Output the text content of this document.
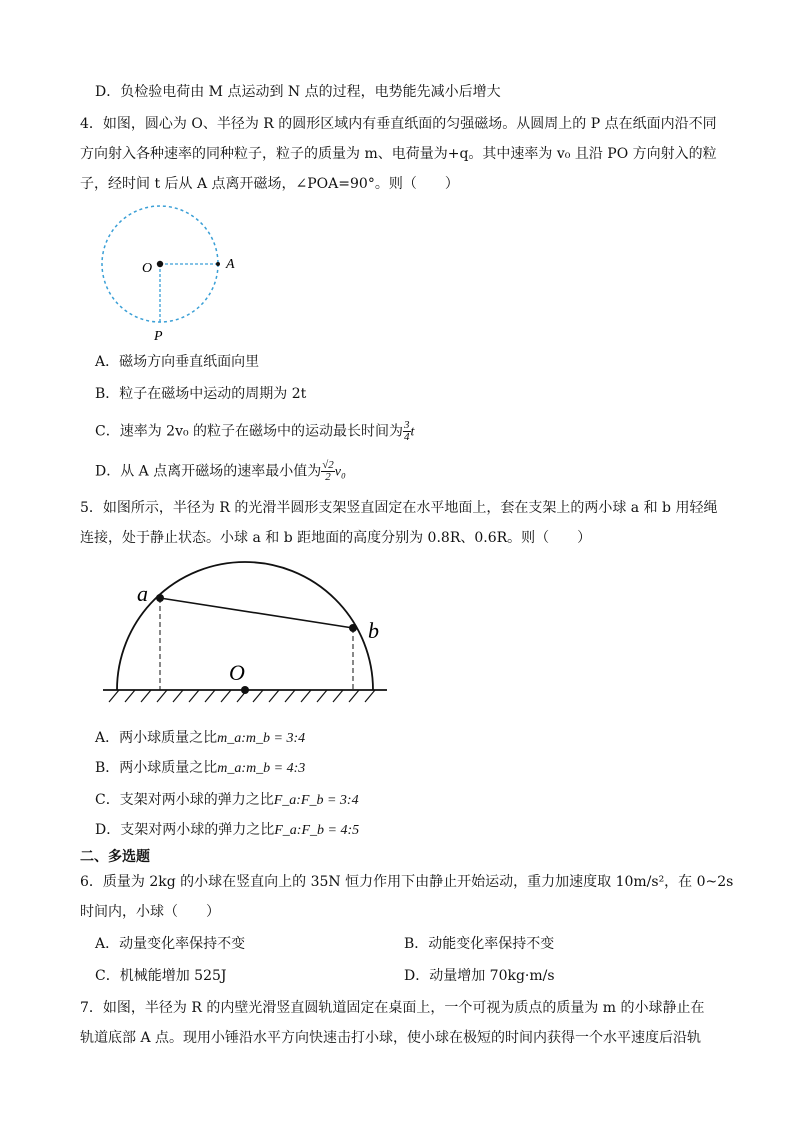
D．负检验电荷由 M 点运动到 N 点的过程，电势能先减小后增大
4．如图，圆心为 O、半径为 R 的圆形区域内有垂直纸面的匀强磁场。从圆周上的 P 点在纸面内沿不同
方向射入各种速率的同种粒子，粒子的质量为 m、电荷量为+q。其中速率为 v₀ 且沿 PO 方向射入的粒
子，经时间 t 后从 A 点离开磁场，∠POA=90°。则（　　）
O	A
P
A．磁场方向垂直纸面向里
B．粒子在磁场中运动的周期为 2t
C．速率为 2v₀ 的粒子在磁场中的运动最长时间为 $\frac{3}{4}$ t
D．从 A 点离开磁场的速率最小值为 $\frac{√2}{2} v_0$
5．如图所示，半径为 R 的光滑半圆形支架竖直固定在水平地面上，套在支架上的两小球 a 和 b 用轻绳
连接，处于静止状态。小球 a 和 b 距地面的高度分别为 0.8R、0.6R。则（　　）
a
b
O
A．两小球质量之比m_a:m_b = 3:4
B．两小球质量之比m_a:m_b = 4:3
C．支架对两小球的弹力之比F_a:F_b = 3:4
D．支架对两小球的弹力之比F_a:F_b = 4:5
二、多选题
6．质量为 2kg 的小球在竖直向上的 35N 恒力作用下由静止开始运动，重力加速度取 10m/s²，在 0~2s
时间内，小球（　　）
A．动量变化率保持不变	B．动能变化率保持不变
C．机械能增加 525J	D．动量增加 70kg·m/s
7．如图，半径为 R 的内壁光滑竖直圆轨道固定在桌面上，一个可视为质点的质量为 m 的小球静止在
轨道底部 A 点。现用小锤沿水平方向快速击打小球，使小球在极短的时间内获得一个水平速度后沿轨
